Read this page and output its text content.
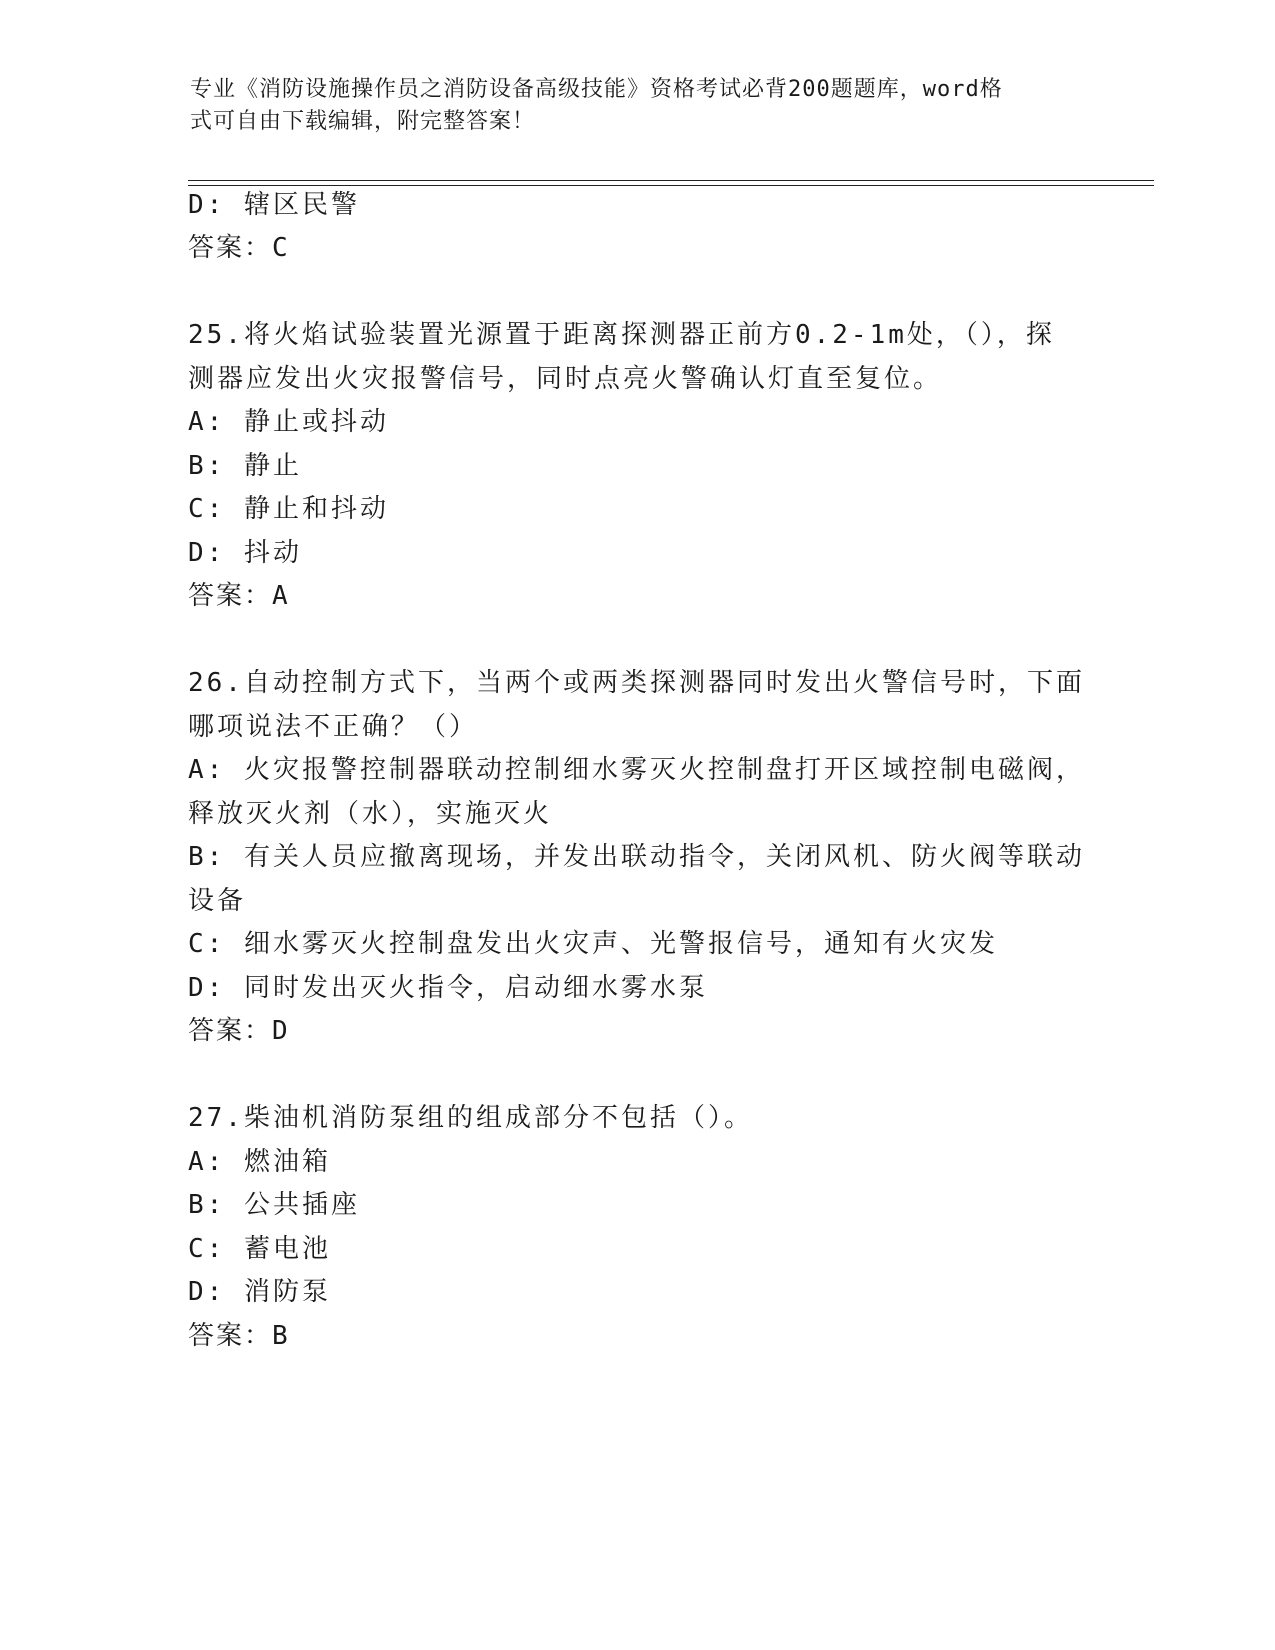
专业《消防设施操作员之消防设备高级技能》资格考试必背200题题库，word格
式可自由下载编辑，附完整答案！
D: 辖区民警
答案：C
25.将火焰试验装置光源置于距离探测器正前方0.2-1m处，（），探
测器应发出火灾报警信号，同时点亮火警确认灯直至复位。
A: 静止或抖动
B: 静止
C: 静止和抖动
D: 抖动
答案：A
26.自动控制方式下，当两个或两类探测器同时发出火警信号时，下面
哪项说法不正确？（）
A: 火灾报警控制器联动控制细水雾灭火控制盘打开区域控制电磁阀，
释放灭火剂（水），实施灭火
B: 有关人员应撤离现场，并发出联动指令，关闭风机、防火阀等联动
设备
C: 细水雾灭火控制盘发出火灾声、光警报信号，通知有火灾发
D: 同时发出灭火指令，启动细水雾水泵
答案：D
27.柴油机消防泵组的组成部分不包括（）。
A: 燃油箱
B: 公共插座
C: 蓄电池
D: 消防泵
答案：B
